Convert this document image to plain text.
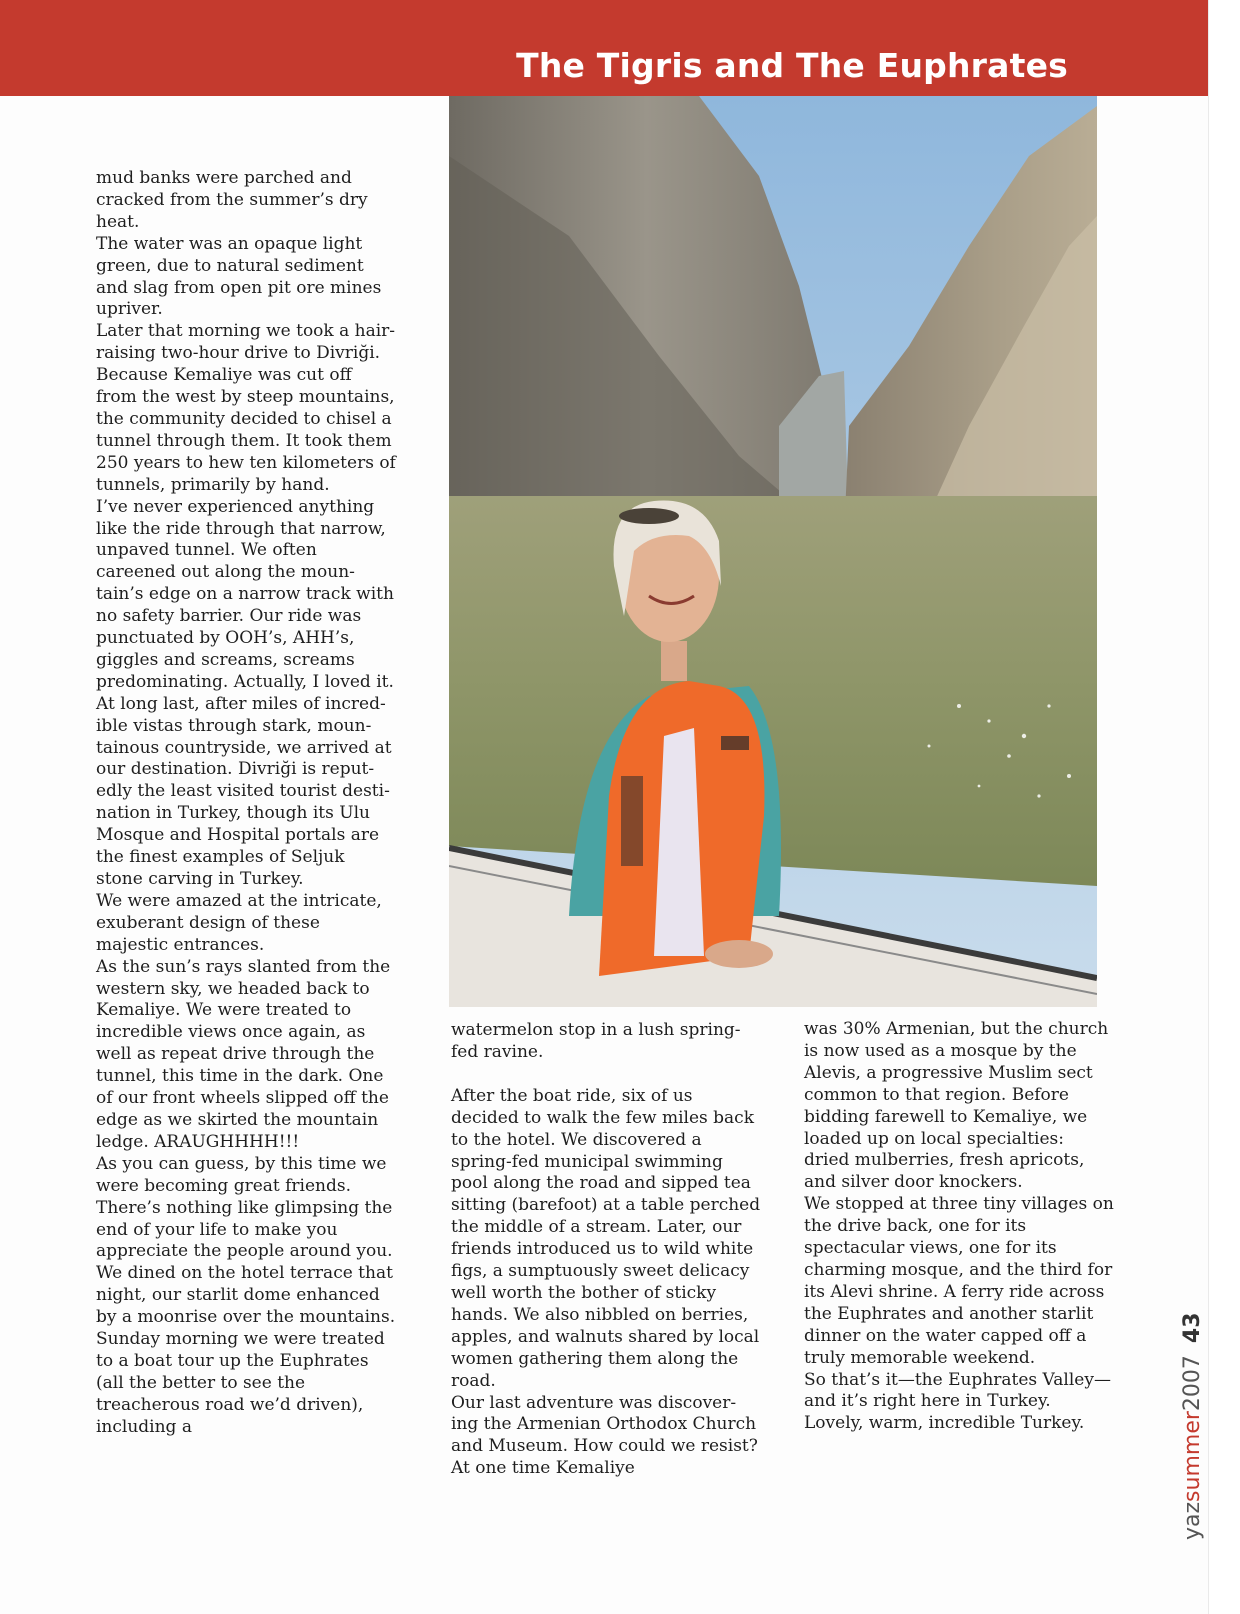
The Tigris and The Euphrates

mud banks were parched and cracked from the summer’s dry heat.

The water was an opaque light green, due to natural sediment and slag from open pit ore mines upriver.

Later that morning we took a hair-raising two-hour drive to Divriği. Because Kemaliye was cut off from the west by steep mountains, the community decided to chisel a tunnel through them. It took them 250 years to hew ten kilometers of tunnels, primarily by hand.

I’ve never experienced anything like the ride through that narrow, unpaved tunnel. We often careened out along the moun-tain’s edge on a narrow track with no safety barrier. Our ride was punctuated by OOH’s, AHH’s, giggles and screams, screams predominating. Actually, I loved it.

At long last, after miles of incred-ible vistas through stark, moun-tainous countryside, we arrived at our destination. Divriği is reput-edly the least visited tourist desti-nation in Turkey, though its Ulu Mosque and Hospital portals are the finest examples of Seljuk stone carving in Turkey.

We were amazed at the intricate, exuberant design of these majestic entrances.

As the sun’s rays slanted from the western sky, we headed back to Kemaliye. We were treated to incredible views once again, as well as repeat drive through the tunnel, this time in the dark. One of our front wheels slipped off the edge as we skirted the mountain ledge. ARAUGHHHH!!!

As you can guess, by this time we were becoming great friends. There’s nothing like glimpsing the end of your life to make you appreciate the people around you.

We dined on the hotel terrace that night, our starlit dome enhanced by a moonrise over the mountains.

Sunday morning we were treated to a boat tour up the Euphrates (all the better to see the treacherous road we’d driven), including a

watermelon stop in a lush spring-fed ravine.

After the boat ride, six of us decided to walk the few miles back to the hotel. We discovered a spring-fed municipal swimming pool along the road and sipped tea sitting (barefoot) at a table perched the middle of a stream. Later, our friends introduced us to wild white figs, a sumptuously sweet delicacy well worth the bother of sticky hands. We also nibbled on berries, apples, and walnuts shared by local women gathering them along the road.

Our last adventure was discover-ing the Armenian Orthodox Church and Museum. How could we resist? At one time Kemaliye

was 30% Armenian, but the church is now used as a mosque by the Alevis, a progressive Muslim sect common to that region. Before bidding farewell to Kemaliye, we loaded up on local specialties: dried mulberries, fresh apricots, and silver door knockers.

We stopped at three tiny villages on the drive back, one for its spectacular views, one for its charming mosque, and the third for its Alevi shrine. A ferry ride across the Euphrates and another starlit dinner on the water capped off a truly memorable weekend.

So that’s it—the Euphrates Valley—and it’s right here in Turkey. Lovely, warm, incredible Turkey.

yazsummer200743
